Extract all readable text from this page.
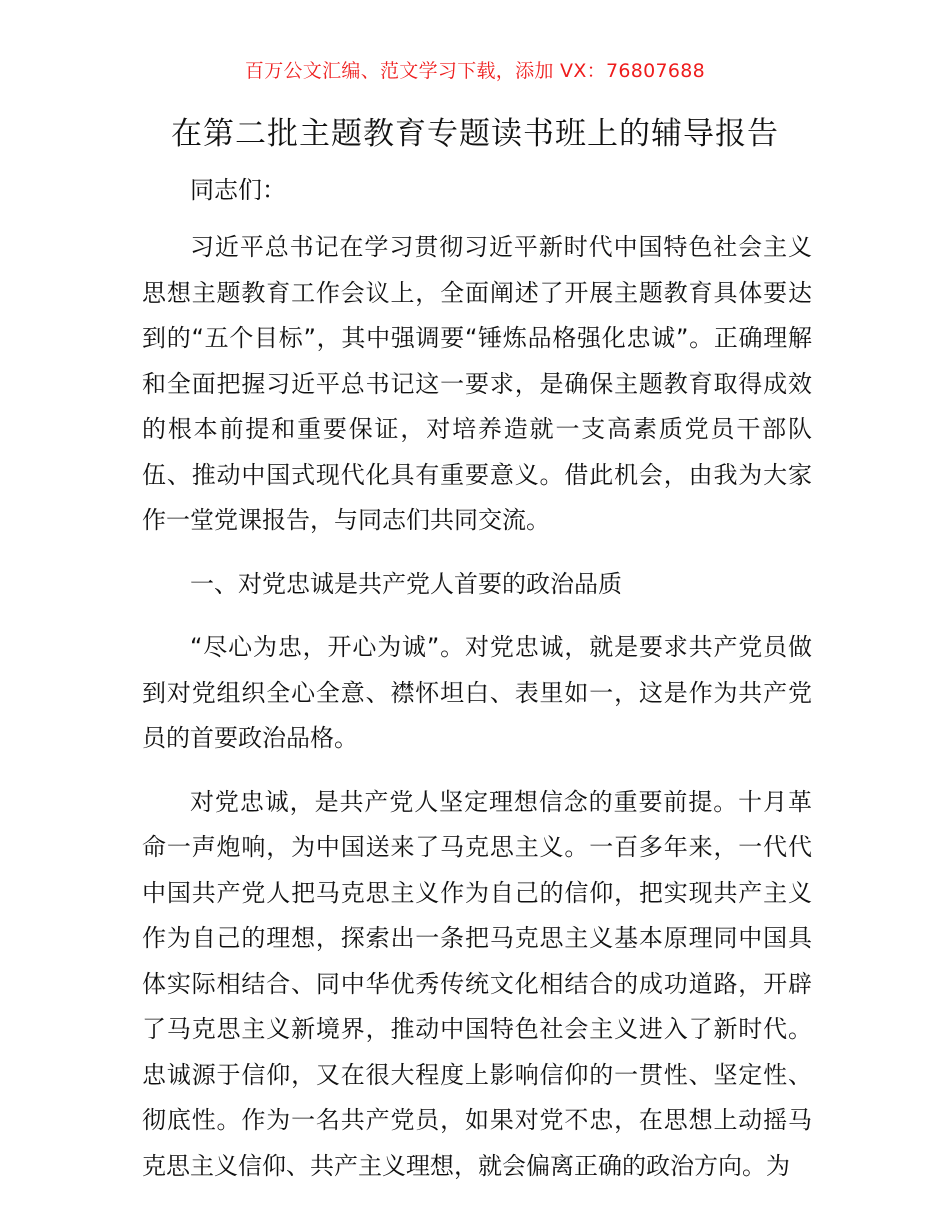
百万公文汇编、范文学习下载，添加 VX：76807688
在第二批主题教育专题读书班上的辅导报告
同志们：

习近平总书记在学习贯彻习近平新时代中国特色社会主义思想主题教育工作会议上，全面阐述了开展主题教育具体要达到的“五个目标”，其中强调要“锤炼品格强化忠诚”。正确理解和全面把握习近平总书记这一要求，是确保主题教育取得成效的根本前提和重要保证，对培养造就一支高素质党员干部队伍、推动中国式现代化具有重要意义。借此机会，由我为大家作一堂党课报告，与同志们共同交流。

一、对党忠诚是共产党人首要的政治品质

“尽心为忠，开心为诚”。对党忠诚，就是要求共产党员做到对党组织全心全意、襟怀坦白、表里如一，这是作为共产党员的首要政治品格。

对党忠诚，是共产党人坚定理想信念的重要前提。十月革命一声炮响，为中国送来了马克思主义。一百多年来，一代代中国共产党人把马克思主义作为自己的信仰，把实现共产主义作为自己的理想，探索出一条把马克思主义基本原理同中国具体实际相结合、同中华优秀传统文化相结合的成功道路，开辟了马克思主义新境界，推动中国特色社会主义进入了新时代。忠诚源于信仰，又在很大程度上影响信仰的一贯性、坚定性、彻底性。作为一名共产党员，如果对党不忠，在思想上动摇马克思主义信仰、共产主义理想，就会偏离正确的政治方向。为
